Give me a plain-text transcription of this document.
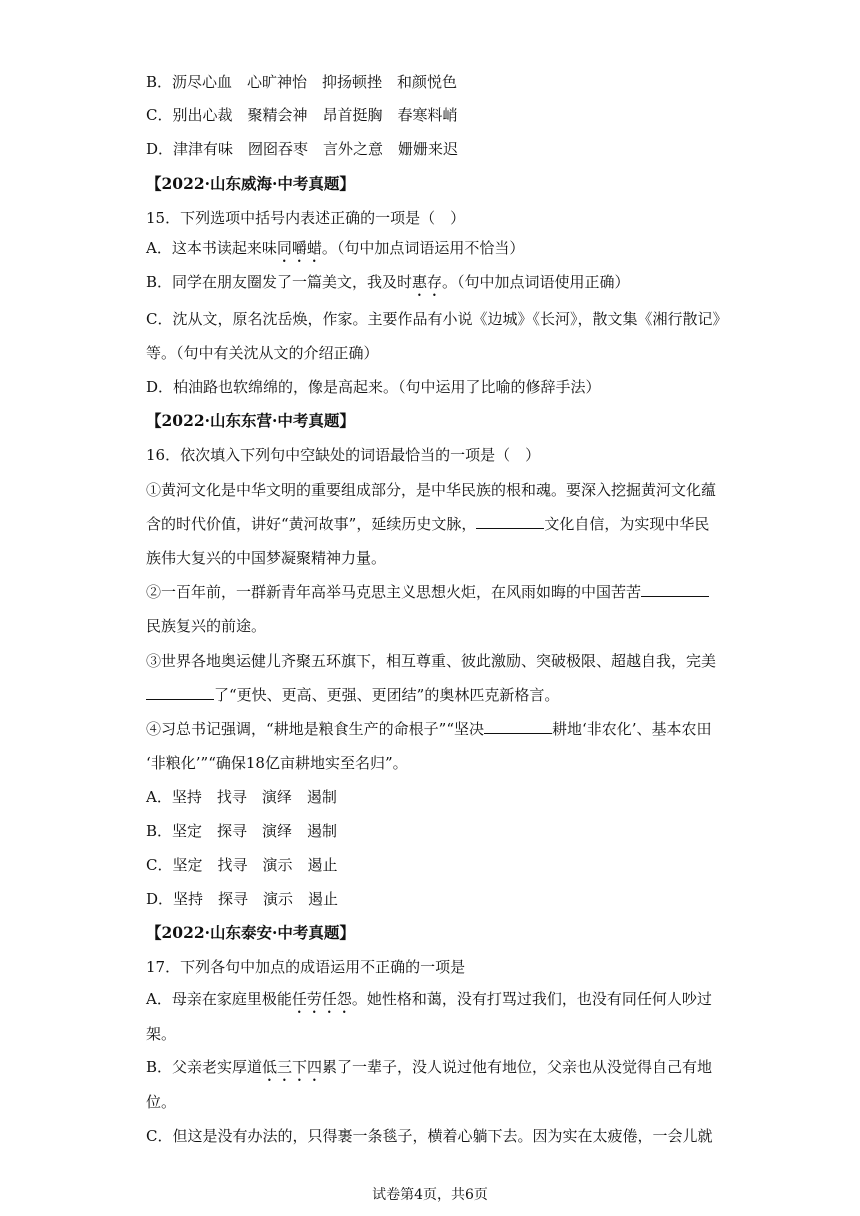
B．沥尽心血　心旷神怡　抑扬顿挫　和颜悦色
C．别出心裁　聚精会神　昂首挺胸　春寒料峭
D．津津有味　囫囵吞枣　言外之意　姗姗来迟
【2022·山东威海·中考真题】
15．下列选项中括号内表述正确的一项是（　）
A．这本书读起来味同嚼蜡。（句中加点词语运用不恰当）
B．同学在朋友圈发了一篇美文，我及时惠存。（句中加点词语使用正确）
C．沈从文，原名沈岳焕，作家。主要作品有小说《边城》《长河》，散文集《湘行散记》
等。（句中有关沈从文的介绍正确）
D．柏油路也软绵绵的，像是高起来。（句中运用了比喻的修辞手法）
【2022·山东东营·中考真题】
16．依次填入下列句中空缺处的词语最恰当的一项是（　）
①黄河文化是中华文明的重要组成部分，是中华民族的根和魂。要深入挖掘黄河文化蕴
含的时代价值，讲好“黄河故事”，延续历史文脉，	文化自信，为实现中华民
族伟大复兴的中国梦凝聚精神力量。
②一百年前，一群新青年高举马克思主义思想火炬，在风雨如晦的中国苦苦
民族复兴的前途。
③世界各地奥运健儿齐聚五环旗下，相互尊重、彼此激励、突破极限、超越自我，完美
了“更快、更高、更强、更团结”的奥林匹克新格言。
④习总书记强调，“耕地是粮食生产的命根子”“坚决	耕地‘非农化’、基本农田
‘非粮化’”“确保18亿亩耕地实至名归”。
A．坚持　找寻　演绎　遏制
B．坚定　探寻　演绎　遏制
C．坚定　找寻　演示　遏止
D．坚持　探寻　演示　遏止
【2022·山东泰安·中考真题】
17．下列各句中加点的成语运用不正确的一项是
A．母亲在家庭里极能任劳任怨。她性格和蔼，没有打骂过我们，也没有同任何人吵过
架。
B．父亲老实厚道低三下四累了一辈子，没人说过他有地位，父亲也从没觉得自己有地
位。
C．但这是没有办法的，只得裹一条毯子，横着心躺下去。因为实在太疲倦，一会儿就
试卷第4页，共6页
